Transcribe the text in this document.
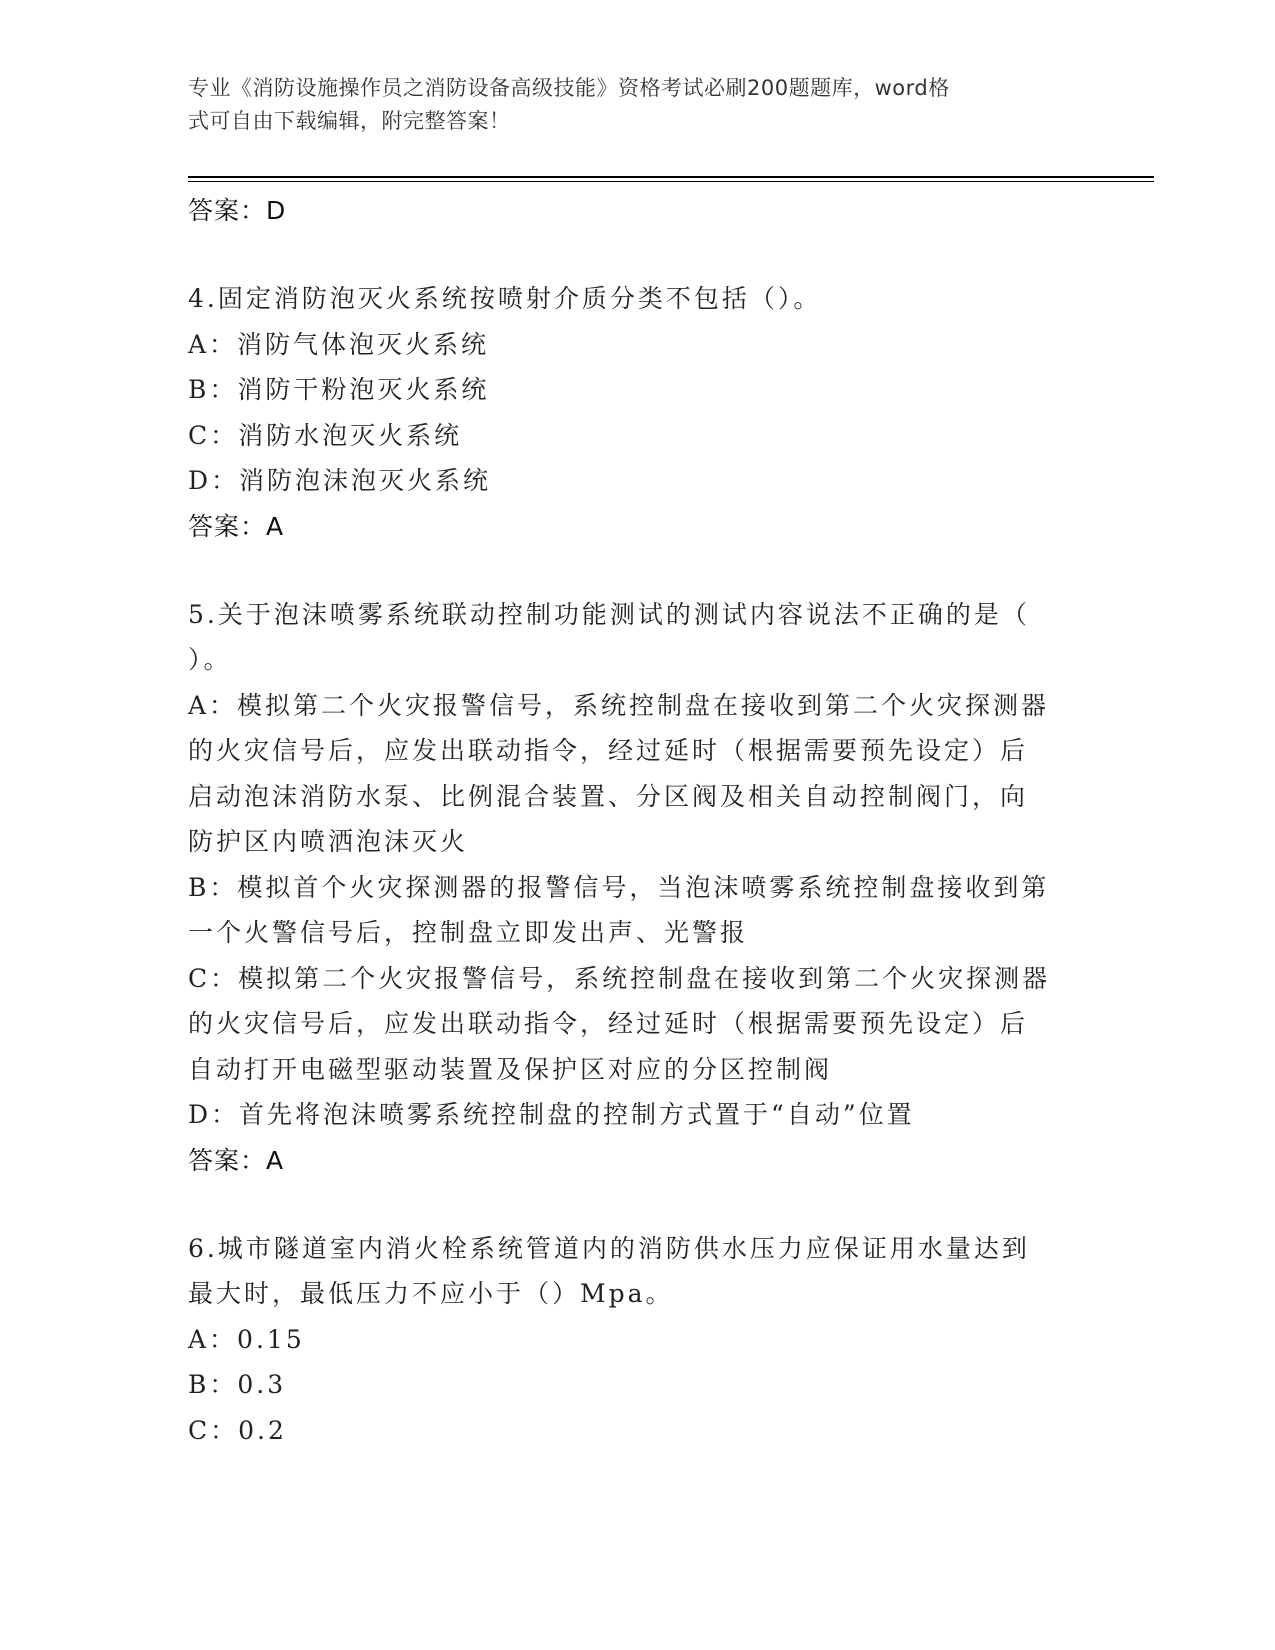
专业《消防设施操作员之消防设备高级技能》资格考试必刷200题题库，word格
式可自由下载编辑，附完整答案！

答案：D

4.固定消防泡灭火系统按喷射介质分类不包括（）。

A：消防气体泡灭火系统

B：消防干粉泡灭火系统

C：消防水泡灭火系统

D：消防泡沫泡灭火系统

答案：A

5.关于泡沫喷雾系统联动控制功能测试的测试内容说法不正确的是（

）。

A：模拟第二个火灾报警信号，系统控制盘在接收到第二个火灾探测器

的火灾信号后，应发出联动指令，经过延时（根据需要预先设定）后

启动泡沫消防水泵、比例混合装置、分区阀及相关自动控制阀门，向

防护区内喷洒泡沫灭火

B：模拟首个火灾探测器的报警信号，当泡沫喷雾系统控制盘接收到第

一个火警信号后，控制盘立即发出声、光警报

C：模拟第二个火灾报警信号，系统控制盘在接收到第二个火灾探测器

的火灾信号后，应发出联动指令，经过延时（根据需要预先设定）后

自动打开电磁型驱动装置及保护区对应的分区控制阀

D：首先将泡沫喷雾系统控制盘的控制方式置于“自动”位置

答案：A

6.城市隧道室内消火栓系统管道内的消防供水压力应保证用水量达到

最大时，最低压力不应小于（）Mpa。

A：0.15

B：0.3

C：0.2
